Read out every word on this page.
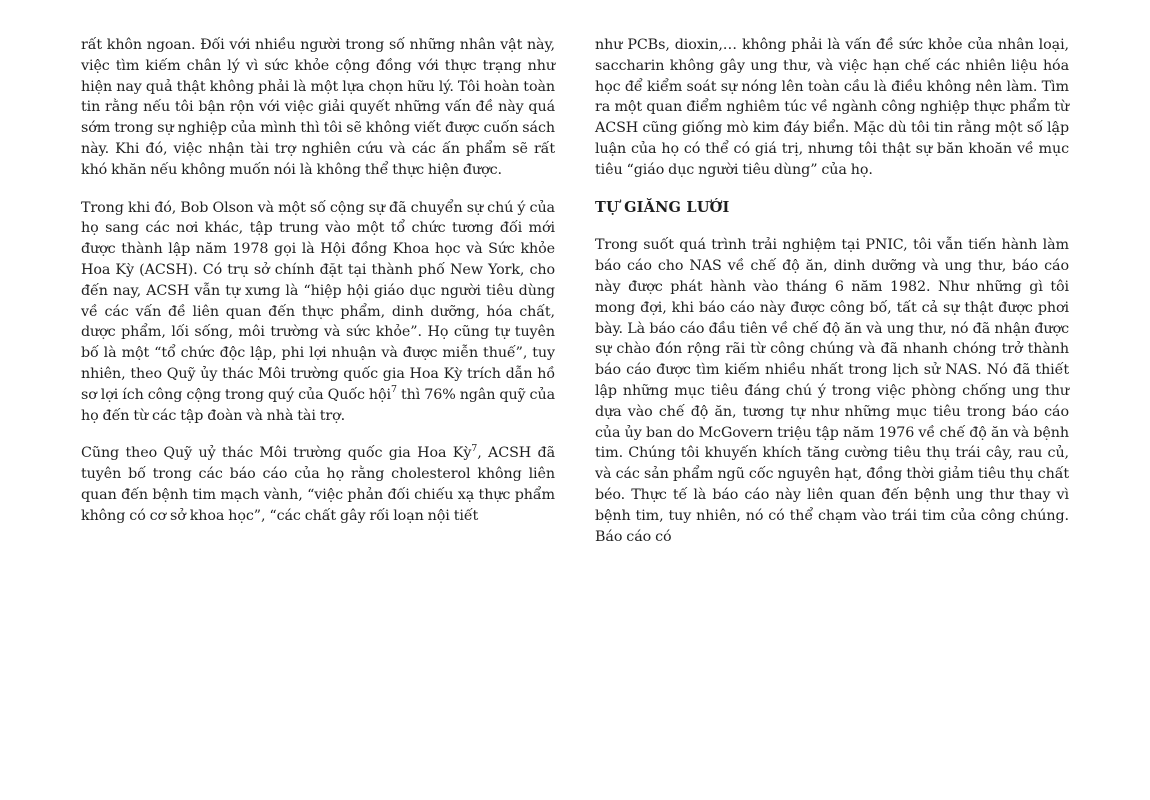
rất khôn ngoan. Đối với nhiều người trong số những nhân vật này, việc tìm kiếm chân lý vì sức khỏe cộng đồng với thực trạng như hiện nay quả thật không phải là một lựa chọn hữu lý. Tôi hoàn toàn tin rằng nếu tôi bận rộn với việc giải quyết những vấn đề này quá sớm trong sự nghiệp của mình thì tôi sẽ không viết được cuốn sách này. Khi đó, việc nhận tài trợ nghiên cứu và các ấn phẩm sẽ rất khó khăn nếu không muốn nói là không thể thực hiện được.

Trong khi đó, Bob Olson và một số cộng sự đã chuyển sự chú ý của họ sang các nơi khác, tập trung vào một tổ chức tương đối mới được thành lập năm 1978 gọi là Hội đồng Khoa học và Sức khỏe Hoa Kỳ (ACSH). Có trụ sở chính đặt tại thành phố New York, cho đến nay, ACSH vẫn tự xưng là “hiệp hội giáo dục người tiêu dùng về các vấn đề liên quan đến thực phẩm, dinh dưỡng, hóa chất, dược phẩm, lối sống, môi trường và sức khỏe”. Họ cũng tự tuyên bố là một “tổ chức độc lập, phi lợi nhuận và được miễn thuế”, tuy nhiên, theo Quỹ ủy thác Môi trường quốc gia Hoa Kỳ trích dẫn hồ sơ lợi ích công cộng trong quý của Quốc hội$^7$ thì 76% ngân quỹ của họ đến từ các tập đoàn và nhà tài trợ.

Cũng theo Quỹ uỷ thác Môi trường quốc gia Hoa Kỳ$^7$, ACSH đã tuyên bố trong các báo cáo của họ rằng cholesterol không liên quan đến bệnh tim mạch vành, “việc phản đối chiếu xạ thực phẩm không có cơ sở khoa học”, “các chất gây rối loạn nội tiết

như PCBs, dioxin,… không phải là vấn đề sức khỏe của nhân loại, saccharin không gây ung thư, và việc hạn chế các nhiên liệu hóa học để kiểm soát sự nóng lên toàn cầu là điều không nên làm. Tìm ra một quan điểm nghiêm túc về ngành công nghiệp thực phẩm từ ACSH cũng giống mò kim đáy biển. Mặc dù tôi tin rằng một số lập luận của họ có thể có giá trị, nhưng tôi thật sự băn khoăn về mục tiêu “giáo dục người tiêu dùng” của họ.

TỰ GIĂNG LƯỚI

Trong suốt quá trình trải nghiệm tại PNIC, tôi vẫn tiến hành làm báo cáo cho NAS về chế độ ăn, dinh dưỡng và ung thư, báo cáo này được phát hành vào tháng 6 năm 1982. Như những gì tôi mong đợi, khi báo cáo này được công bố, tất cả sự thật được phơi bày. Là báo cáo đầu tiên về chế độ ăn và ung thư, nó đã nhận được sự chào đón rộng rãi từ công chúng và đã nhanh chóng trở thành báo cáo được tìm kiếm nhiều nhất trong lịch sử NAS. Nó đã thiết lập những mục tiêu đáng chú ý trong việc phòng chống ung thư dựa vào chế độ ăn, tương tự như những mục tiêu trong báo cáo của ủy ban do McGovern triệu tập năm 1976 về chế độ ăn và bệnh tim. Chúng tôi khuyến khích tăng cường tiêu thụ trái cây, rau củ, và các sản phẩm ngũ cốc nguyên hạt, đồng thời giảm tiêu thụ chất béo. Thực tế là báo cáo này liên quan đến bệnh ung thư thay vì bệnh tim, tuy nhiên, nó có thể chạm vào trái tim của công chúng. Báo cáo có
